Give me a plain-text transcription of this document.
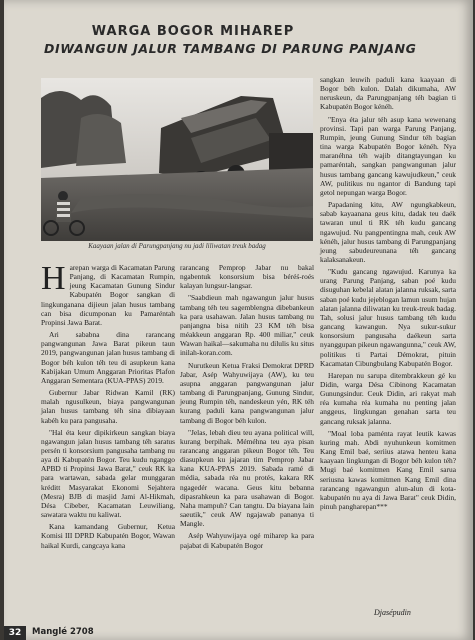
WARGA BOGOR MIHAREP
DIWANGUN JALUR TAMBANG DI PARUNG PANJANG
Kaayaan jalan di Parungpanjang nu jadi liliwatan treuk badag

Harepan warga di Kacamatan Parung Panjang, di Kacamatan Rumpin, jeung Kacamatan Gunung Sindur Kabupatén Bogor sangkan di lingkunganana dijieun jalan husus tambang can bisa dicumponan ku Pamaréntah Propinsi Jawa Barat.

Ari sababna dina rarancang pangwangunan Jawa Barat pikeun taun 2019, pangwangunan jalan husus tambang di Bogor béh kulon téh teu di asupkeun kana Kabijakan Umum Anggaran Prioritas Plafon Anggaran Sementara (KUA-PPAS) 2019.

Gubernur Jabar Ridwan Kamil (RK) malah ngusulkeun, biaya pangwangunan jalan husus tambang téh sina dibiayaan kabéh ku para pangusaha.

"Hal éta keur dipikirkeun sangkan biaya ngawangun jalan husus tambang téh saratus persén ti konsorsium pangusaha tambang nu aya di Kabupatén Bogor. Teu kudu nganggo APBD ti Propinsi Jawa Barat," ceuk RK ka para wartawan, sabada gelar munggaran kréditt Masyarakat Ekonomi Sejahtera (Mesra) BJB di masjid Jami Al-Hikmah, Désa Cibeber, Kacamatan Leuwiliang, sawatara waktu nu kaliwat.

Kana kamandang Gubernur, Ketua Komisi III DPRD Kabupatén Bogor, Wawan haikal Kurdi, cangcaya kana

rarancang Pemprop Jabar nu bakal ngabentuk konsorsium bisa béréś-roés kalayan lungsur-langsar.

"Saabdieun mah ngawangun jalur husus tambang téh teu sagemblengna dibebankeun ka para usahawan. Jalan husus tambang nu panjangna bisa nitih 23 KM téh bisa méakkeun anggaran Rp. 400 miliar," ceuk Wawan haikal—sakumaha nu dilulis ku situs inilah-koran.com.

Nurutkeun Ketua Fraksi Demokrat DPRD Jabar, Asép Wahyuwijaya (AW), ku teu asupna anggaran pangwangunan jalur tambang di Parungpanjang, Gunung Sindur, jeung Rumpin téh, nandeskeun yén, RK téh kurang paduli kana pangwangunan jalur tambang di Bogor béh kulon.

"Jelas, lebah dieu teu ayana political will, kurang berpihak. Méméhna teu aya pisan rarancang anggaran pikeun Bogor téh. Teu diasupkeun ku jajaran tim Pemprop Jabar kana KUA-PPAS 2019. Sabada ramé di média, sabada réa nu protés, kakara RK ngagedér wacana. Geus kitu bebanna dipasrahkeun ka para usahawan di Bogor. Naha mampuh? Can tangtu. Da biayana lain saeutik," ceuk AW ngajawab pananya ti Mangle.

Asép Wahyuwijaya ogé miharep ka para pajabat di Kabupatén Bogor

sangkan leuwih paduli kana kaayaan di Bogor béh kulon. Dalah dikumaha, AW neruskeun, da Parungpanjang téh bagian ti Kabupatén Bogor kénéh.

"Enya éta jalur téh asup kana wewenang provinsi. Tapi pan warga Parung Panjang, Rumpin, jeung Gunung Sindur téh bagian tina warga Kabupatén Bogor kénéh. Nya maranéhna téh wajib ditangtayungan ku pamaréntah, sangkan pangwangunan jalur husus tambang gancang kawujudkeun," ceuk AW, pulitikus nu ngantor di Bandung tapi getol nepungan warga Bogor.

Papadaning kitu, AW ngungkabkeun, sabab kayaanana geus kitu, dadak teu daék tawaran unul ti RK téh kudu gancang ngawujud. Nu pangpentingna mah, ceuk AW kénéh, jalur husus tambang di Parungpanjang jeung sabudeureunana téh gancang kalaksanakeun.

"Kudu gancang ngawujud. Karunya ka urang Parung Panjang, saban poé kudu disuguhan kebelal alatan jalanna ruksak, sarta saban poé kudu jejeblogan lamun usum hujan alatan jalanna diliwatan ku treuk-treuk badag. Tah, solusi jalur husus tambang téh kudu gancang kawangun. Nya sukur-sukur konsorsium pangusaha daékeun sarta nyanggupan pikeun ngawangunna," ceuk AW, politikus ti Partai Démokrat, pituin Kacamatan Cibungbulang Kabupatén Bogor.

Harepan nu sarupa ditembrakkeun gé ku Didin, warga Désa Cibinong Kacamatan Gunungsindur. Ceuk Didin, ari rakyat mah réa kumaha réa kumaha nu penting jalan anggeus, lingkungan genahan sarta teu gancang ruksak jalanna.

"Moal loba paménta rayat leutik kawas kuring mah. Abdi nyuhunkeun komitmen Kang Emil baé, seriius atawa henteu kana kaayaan lingkungan di Bogor béh kulon téh? Mugi baé komitmen Kang Emil sarua seriusna kawas komitmen Kang Emil dina rarancang ngawangun alun-alun di kota-kabupatén nu aya di Jawa Barat" ceuk Didin, pinuh pangharepan***

Djasépudin
32	Manglé 2708
